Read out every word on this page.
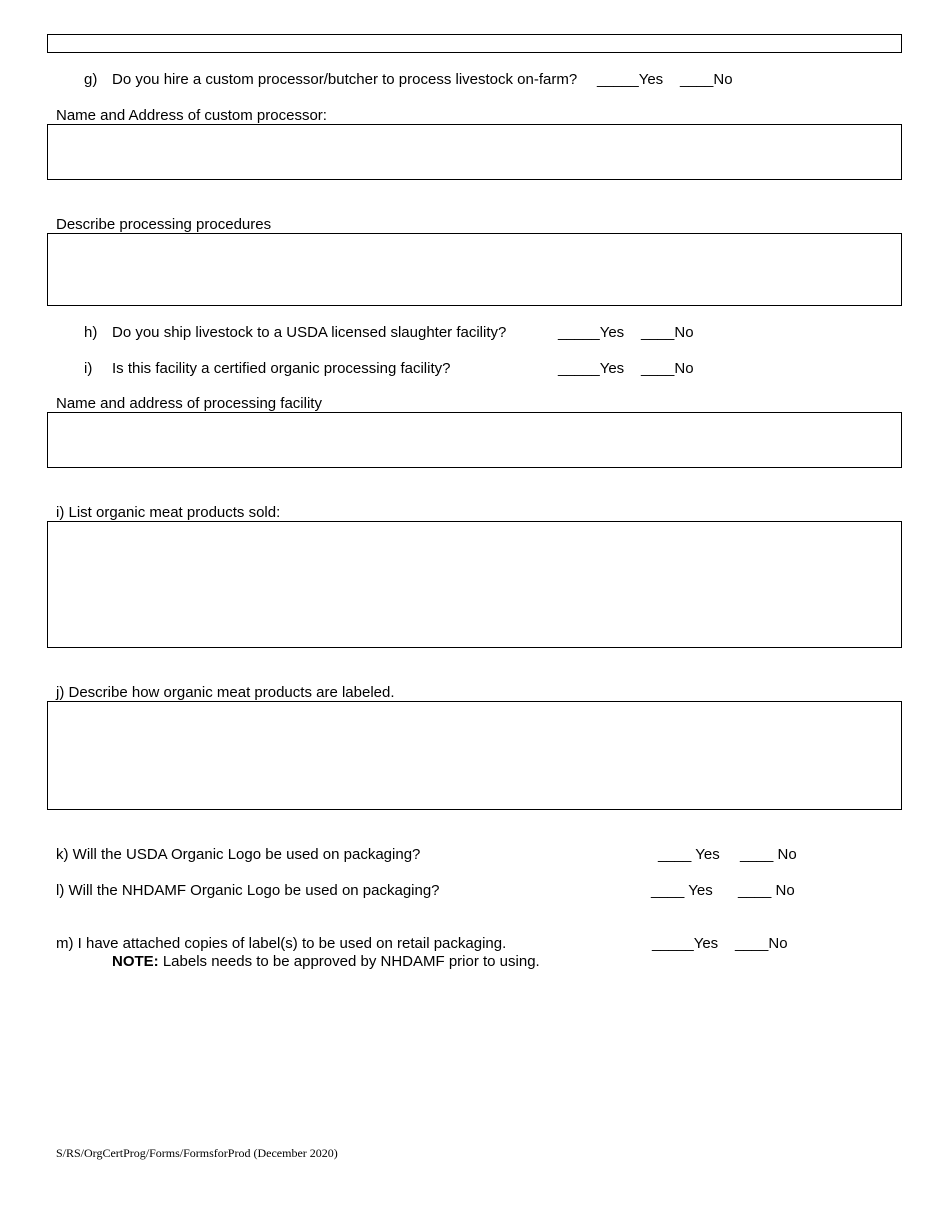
g) Do you hire a custom processor/butcher to process livestock on-farm? _____Yes ____No
Name and Address of custom processor:
Describe processing procedures
h) Do you ship livestock to a USDA licensed slaughter facility?	_____Yes ____No
i) Is this facility a certified organic processing facility?	_____Yes ____No
Name and address of processing facility
i) List organic meat products sold:
j) Describe how organic meat products are labeled.
k) Will the USDA Organic Logo be used on packaging?	____ Yes ____ No
l) Will the NHDAMF Organic Logo be used on packaging?	____ Yes ____ No
m) I have attached copies of label(s) to be used on retail packaging.	_____Yes ____No
NOTE: Labels needs to be approved by NHDAMF prior to using.
S/RS/OrgCertProg/Forms/FormsforProd (December 2020)
